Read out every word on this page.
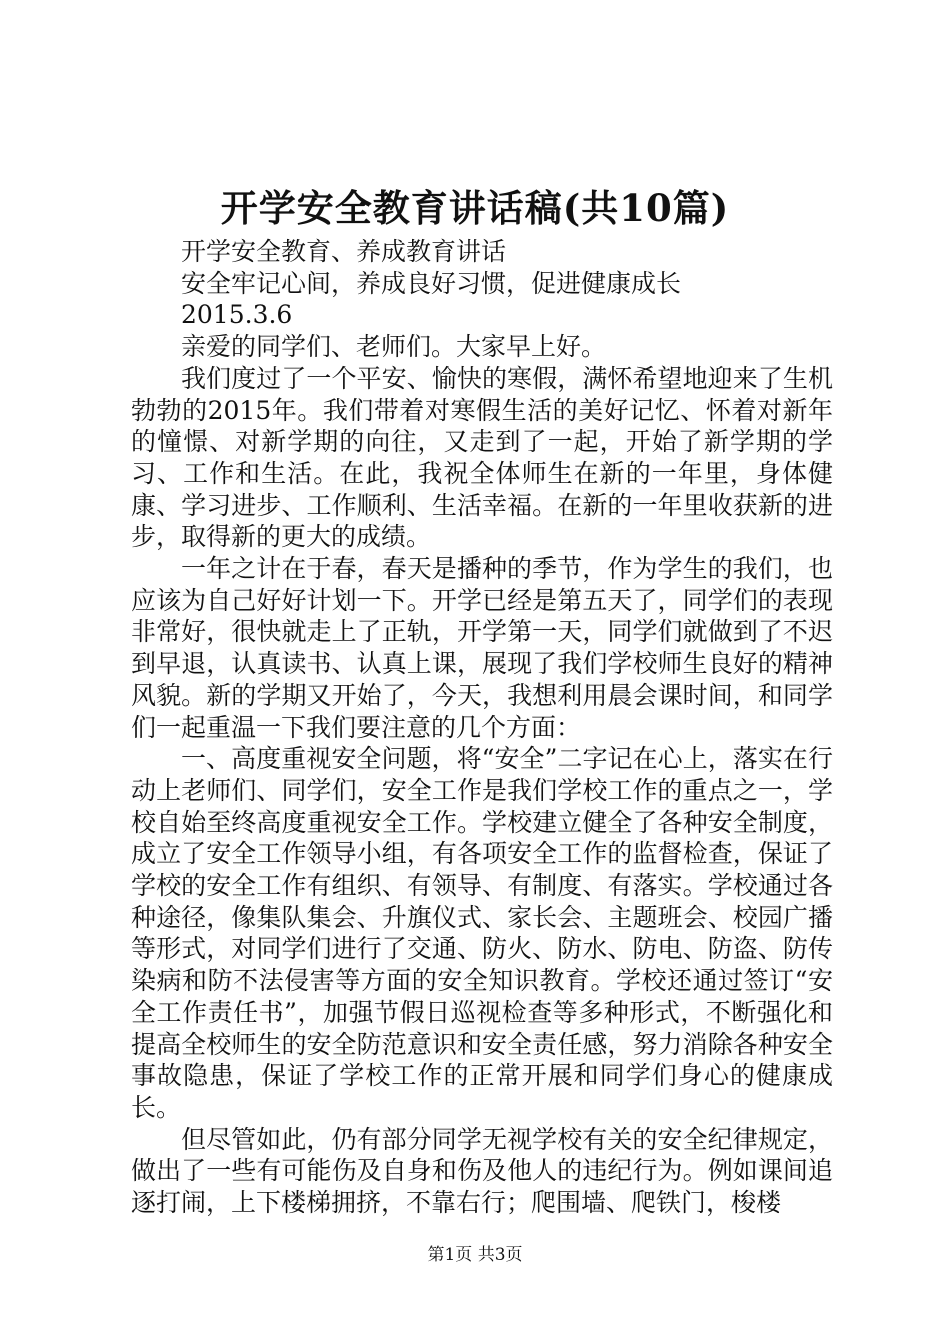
开学安全教育讲话稿(共10篇)

开学安全教育、养成教育讲话

安全牢记心间，养成良好习惯，促进健康成长

2015.3.6

亲爱的同学们、老师们。大家早上好。

我们度过了一个平安、愉快的寒假，满怀希望地迎来了生机勃勃的2015年。我们带着对寒假生活的美好记忆、怀着对新年的憧憬、对新学期的向往，又走到了一起，开始了新学期的学习、工作和生活。在此，我祝全体师生在新的一年里，身体健康、学习进步、工作顺利、生活幸福。在新的一年里收获新的进步，取得新的更大的成绩。

一年之计在于春，春天是播种的季节，作为学生的我们，也应该为自己好好计划一下。开学已经是第五天了，同学们的表现非常好，很快就走上了正轨，开学第一天，同学们就做到了不迟到早退，认真读书、认真上课，展现了我们学校师生良好的精神风貌。新的学期又开始了，今天，我想利用晨会课时间，和同学们一起重温一下我们要注意的几个方面：

一、高度重视安全问题，将“安全”二字记在心上，落实在行动上老师们、同学们，安全工作是我们学校工作的重点之一，学校自始至终高度重视安全工作。学校建立健全了各种安全制度，成立了安全工作领导小组，有各项安全工作的监督检查，保证了学校的安全工作有组织、有领导、有制度、有落实。学校通过各种途径，像集队集会、升旗仪式、家长会、主题班会、校园广播等形式，对同学们进行了交通、防火、防水、防电、防盗、防传染病和防不法侵害等方面的安全知识教育。学校还通过签订“安全工作责任书”，加强节假日巡视检查等多种形式，不断强化和提高全校师生的安全防范意识和安全责任感，努力消除各种安全事故隐患，保证了学校工作的正常开展和同学们身心的健康成长。

但尽管如此，仍有部分同学无视学校有关的安全纪律规定，做出了一些有可能伤及自身和伤及他人的违纪行为。例如课间追逐打闹，上下楼梯拥挤，不靠右行；爬围墙、爬铁门，梭楼

第1页 共3页
